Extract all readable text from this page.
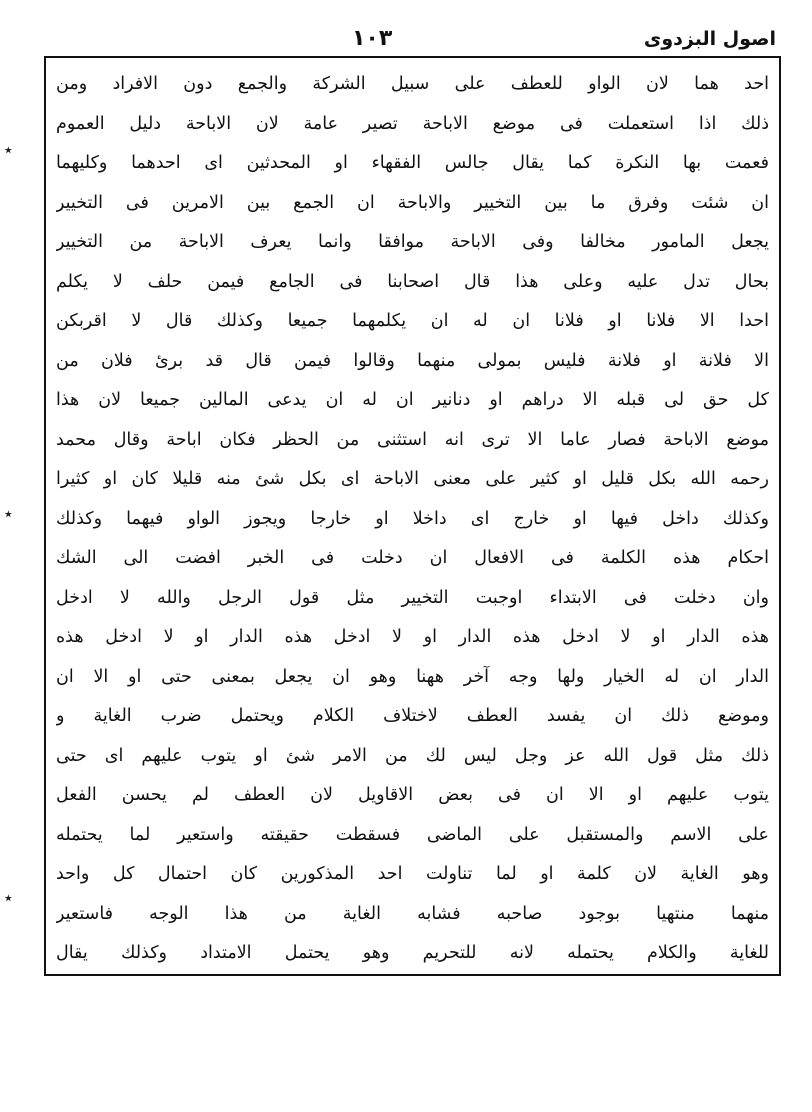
اصول البزدوی
۱۰۳
احد هما لان الواو للعطف على سبيل الشركة والجمع دون الافراد ومن
ذلك اذا استعملت فى موضع الاباحة تصير عامة لان الاباحة دليل العموم
فعمت بها النكرة كما يقال جالس الفقهاء او المحدثين اى احدهما وكليهما
ان شئت وفرق ما بين التخيير والاباحة ان الجمع بين الامرين فى التخيير
يجعل المامور مخالفا وفى الاباحة موافقا وانما يعرف الاباحة من التخيير
بحال تدل عليه وعلى هذا قال اصحابنا فى الجامع فيمن حلف لا يكلم
احدا الا فلانا او فلانا ان له ان يكلمهما جميعا وكذلك قال لا اقربكن
الا فلانة او فلانة فليس بمولى منهما وقالوا فيمن قال قد برئ فلان من
كل حق لى قبله الا دراهم او دنانير ان له ان يدعى المالين جميعا لان هذا
موضع الاباحة فصار عاما الا ترى انه استثنى من الحظر فكان اباحة وقال محمد
رحمه الله بكل قليل او كثير على معنى الاباحة اى بكل شئ منه قليلا كان او كثيرا
وكذلك داخل فيها او خارج اى داخلا او خارجا ويجوز الواو فيهما وكذلك
احكام هذه الكلمة فى الافعال ان دخلت فى الخبر افضت الى الشك
وان دخلت فى الابتداء اوجبت التخيير مثل قول الرجل والله لا ادخل
هذه الدار او لا ادخل هذه الدار او لا ادخل هذه الدار او لا ادخل هذه
الدار ان له الخيار ولها وجه آخر ههنا وهو ان يجعل بمعنى حتى او الا ان
وموضع ذلك ان يفسد العطف لاختلاف الكلام ويحتمل ضرب الغاية و
ذلك مثل قول الله عز وجل ليس لك من الامر شئ او يتوب عليهم اى حتى
يتوب عليهم او الا ان فى بعض الاقاويل لان العطف لم يحسن الفعل
على الاسم والمستقبل على الماضى فسقطت حقيقته واستعير لما يحتمله
وهو الغاية لان كلمة او لما تناولت احد المذكورين كان احتمال كل واحد
منهما منتهيا بوجود صاحبه فشابه الغاية من هذا الوجه فاستعير
للغاية والكلام يحتمله لانه للتحريم وهو يحتمل الامتداد وكذلك يقال
٭
٭
٭
